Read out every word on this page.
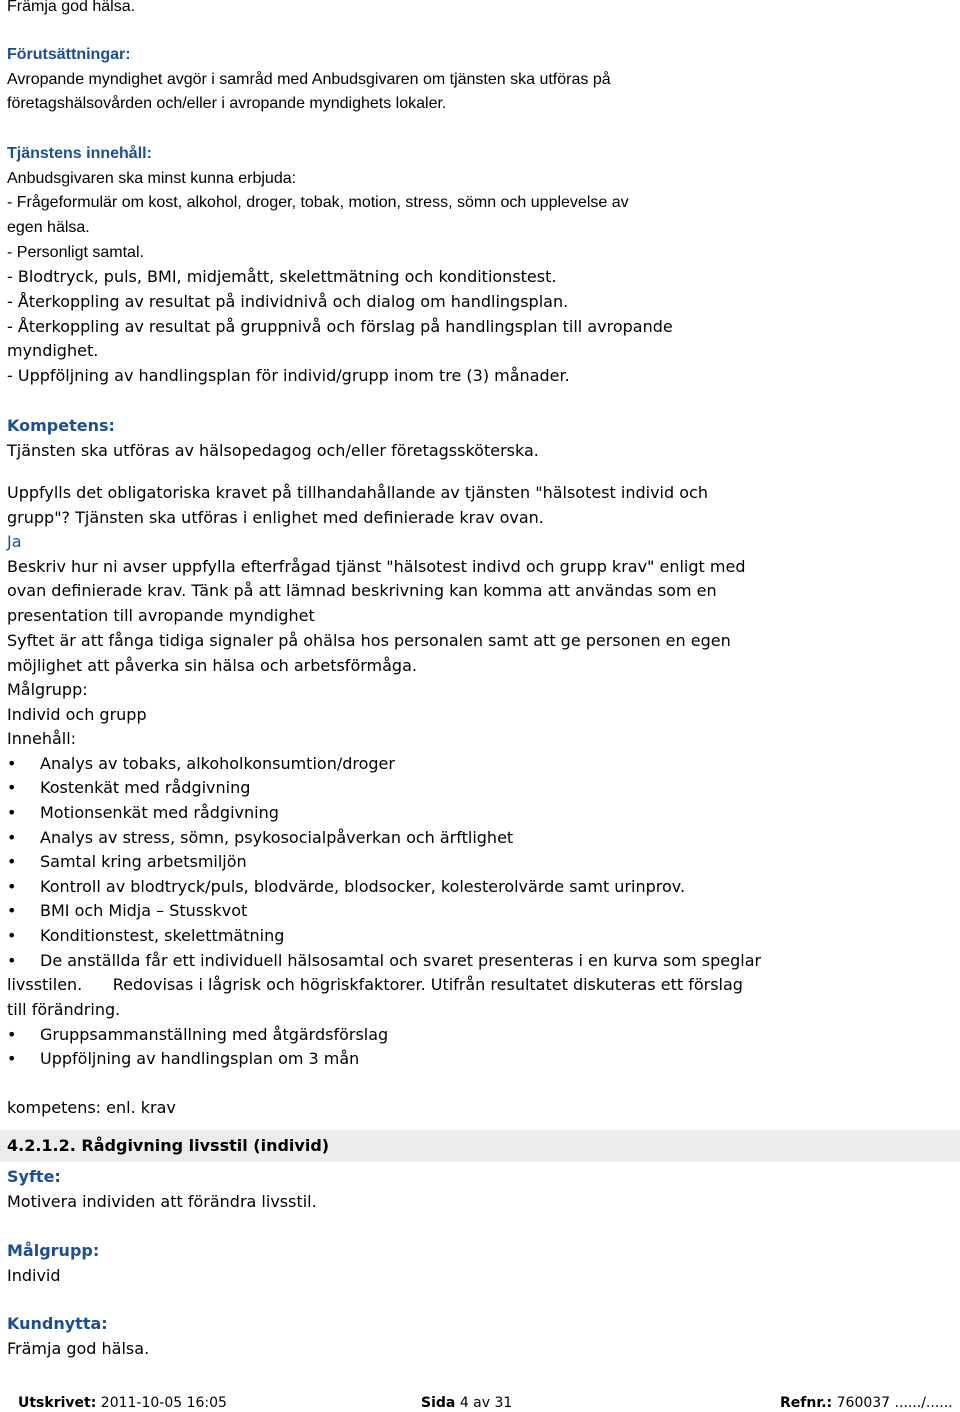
Främja god hälsa.
Förutsättningar:
Avropande myndighet avgör i samråd med Anbudsgivaren om tjänsten ska utföras på
företagshälsovården och/eller i avropande myndighets lokaler.
Tjänstens innehåll:
Anbudsgivaren ska minst kunna erbjuda:
- Frågeformulär om kost, alkohol, droger, tobak, motion, stress, sömn och upplevelse av
egen hälsa.
- Personligt samtal.
- Blodtryck, puls, BMI, midjemått, skelettmätning och konditionstest.
- Återkoppling av resultat på individnivå och dialog om handlingsplan.
- Återkoppling av resultat på gruppnivå och förslag på handlingsplan till avropande
myndighet.
- Uppföljning av handlingsplan för individ/grupp inom tre (3) månader.
Kompetens:
Tjänsten ska utföras av hälsopedagog och/eller företagssköterska.
Uppfylls det obligatoriska kravet på tillhandahållande av tjänsten "hälsotest individ och
grupp"? Tjänsten ska utföras i enlighet med definierade krav ovan.
Ja
Beskriv hur ni avser uppfylla efterfrågad tjänst "hälsotest indivd och grupp krav" enligt med
ovan definierade krav. Tänk på att lämnad beskrivning kan komma att användas som en
presentation till avropande myndighet
Syftet är att fånga tidiga signaler på ohälsa hos personalen samt att ge personen en egen
möjlighet att påverka sin hälsa och arbetsförmåga.
Målgrupp:
Individ och grupp
Innehåll:
• Analys av tobaks, alkoholkonsumtion/droger
• Kostenkät med rådgivning
• Motionsenkät med rådgivning
• Analys av stress, sömn, psykosocialpåverkan och ärftlighet
• Samtal kring arbetsmiljön
• Kontroll av blodtryck/puls, blodvärde, blodsocker, kolesterolvärde samt urinprov.
• BMI och Midja – Stusskvot
• Konditionstest, skelettmätning
• De anställda får ett individuell hälsosamtal och svaret presenteras i en kurva som speglar
livsstilen.      Redovisas i lågrisk och högriskfaktorer. Utifrån resultatet diskuteras ett förslag
till förändring.
• Gruppsammanställning med åtgärdsförslag
• Uppföljning av handlingsplan om 3 mån
kompetens: enl. krav
4.2.1.2. Rådgivning livsstil (individ)
Syfte:
Motivera individen att förändra livsstil.
Målgrupp:
Individ
Kundnytta:
Främja god hälsa.
Utskrivet: 2011-10-05 16:05	Sida 4 av 31	Refnr.: 760037 ....../......
